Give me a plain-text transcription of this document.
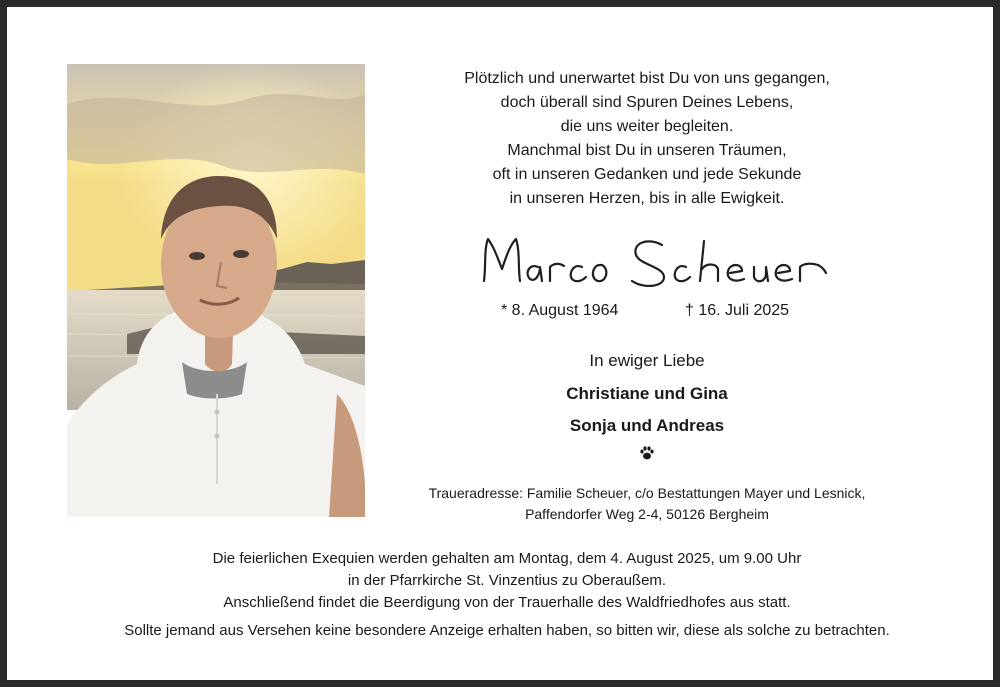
Plötzlich und unerwartet bist Du von uns gegangen,
doch überall sind Spuren Deines Lebens,
die uns weiter begleiten.
Manchmal bist Du in unseren Träumen,
oft in unseren Gedanken und jede Sekunde
in unseren Herzen, bis in alle Ewigkeit.
* 8. August 1964	† 16. Juli 2025
In ewiger Liebe
Christiane und Gina
Sonja und Andreas
Traueradresse: Familie Scheuer, c/o Bestattungen Mayer und Lesnick,
Paffendorfer Weg 2-4, 50126 Bergheim
Die feierlichen Exequien werden gehalten am Montag, dem 4. August 2025, um 9.00 Uhr
in der Pfarrkirche St. Vinzentius zu Oberaußem.
Anschließend findet die Beerdigung von der Trauerhalle des Waldfriedhofes aus statt.
Sollte jemand aus Versehen keine besondere Anzeige erhalten haben, so bitten wir, diese als solche zu betrachten.
